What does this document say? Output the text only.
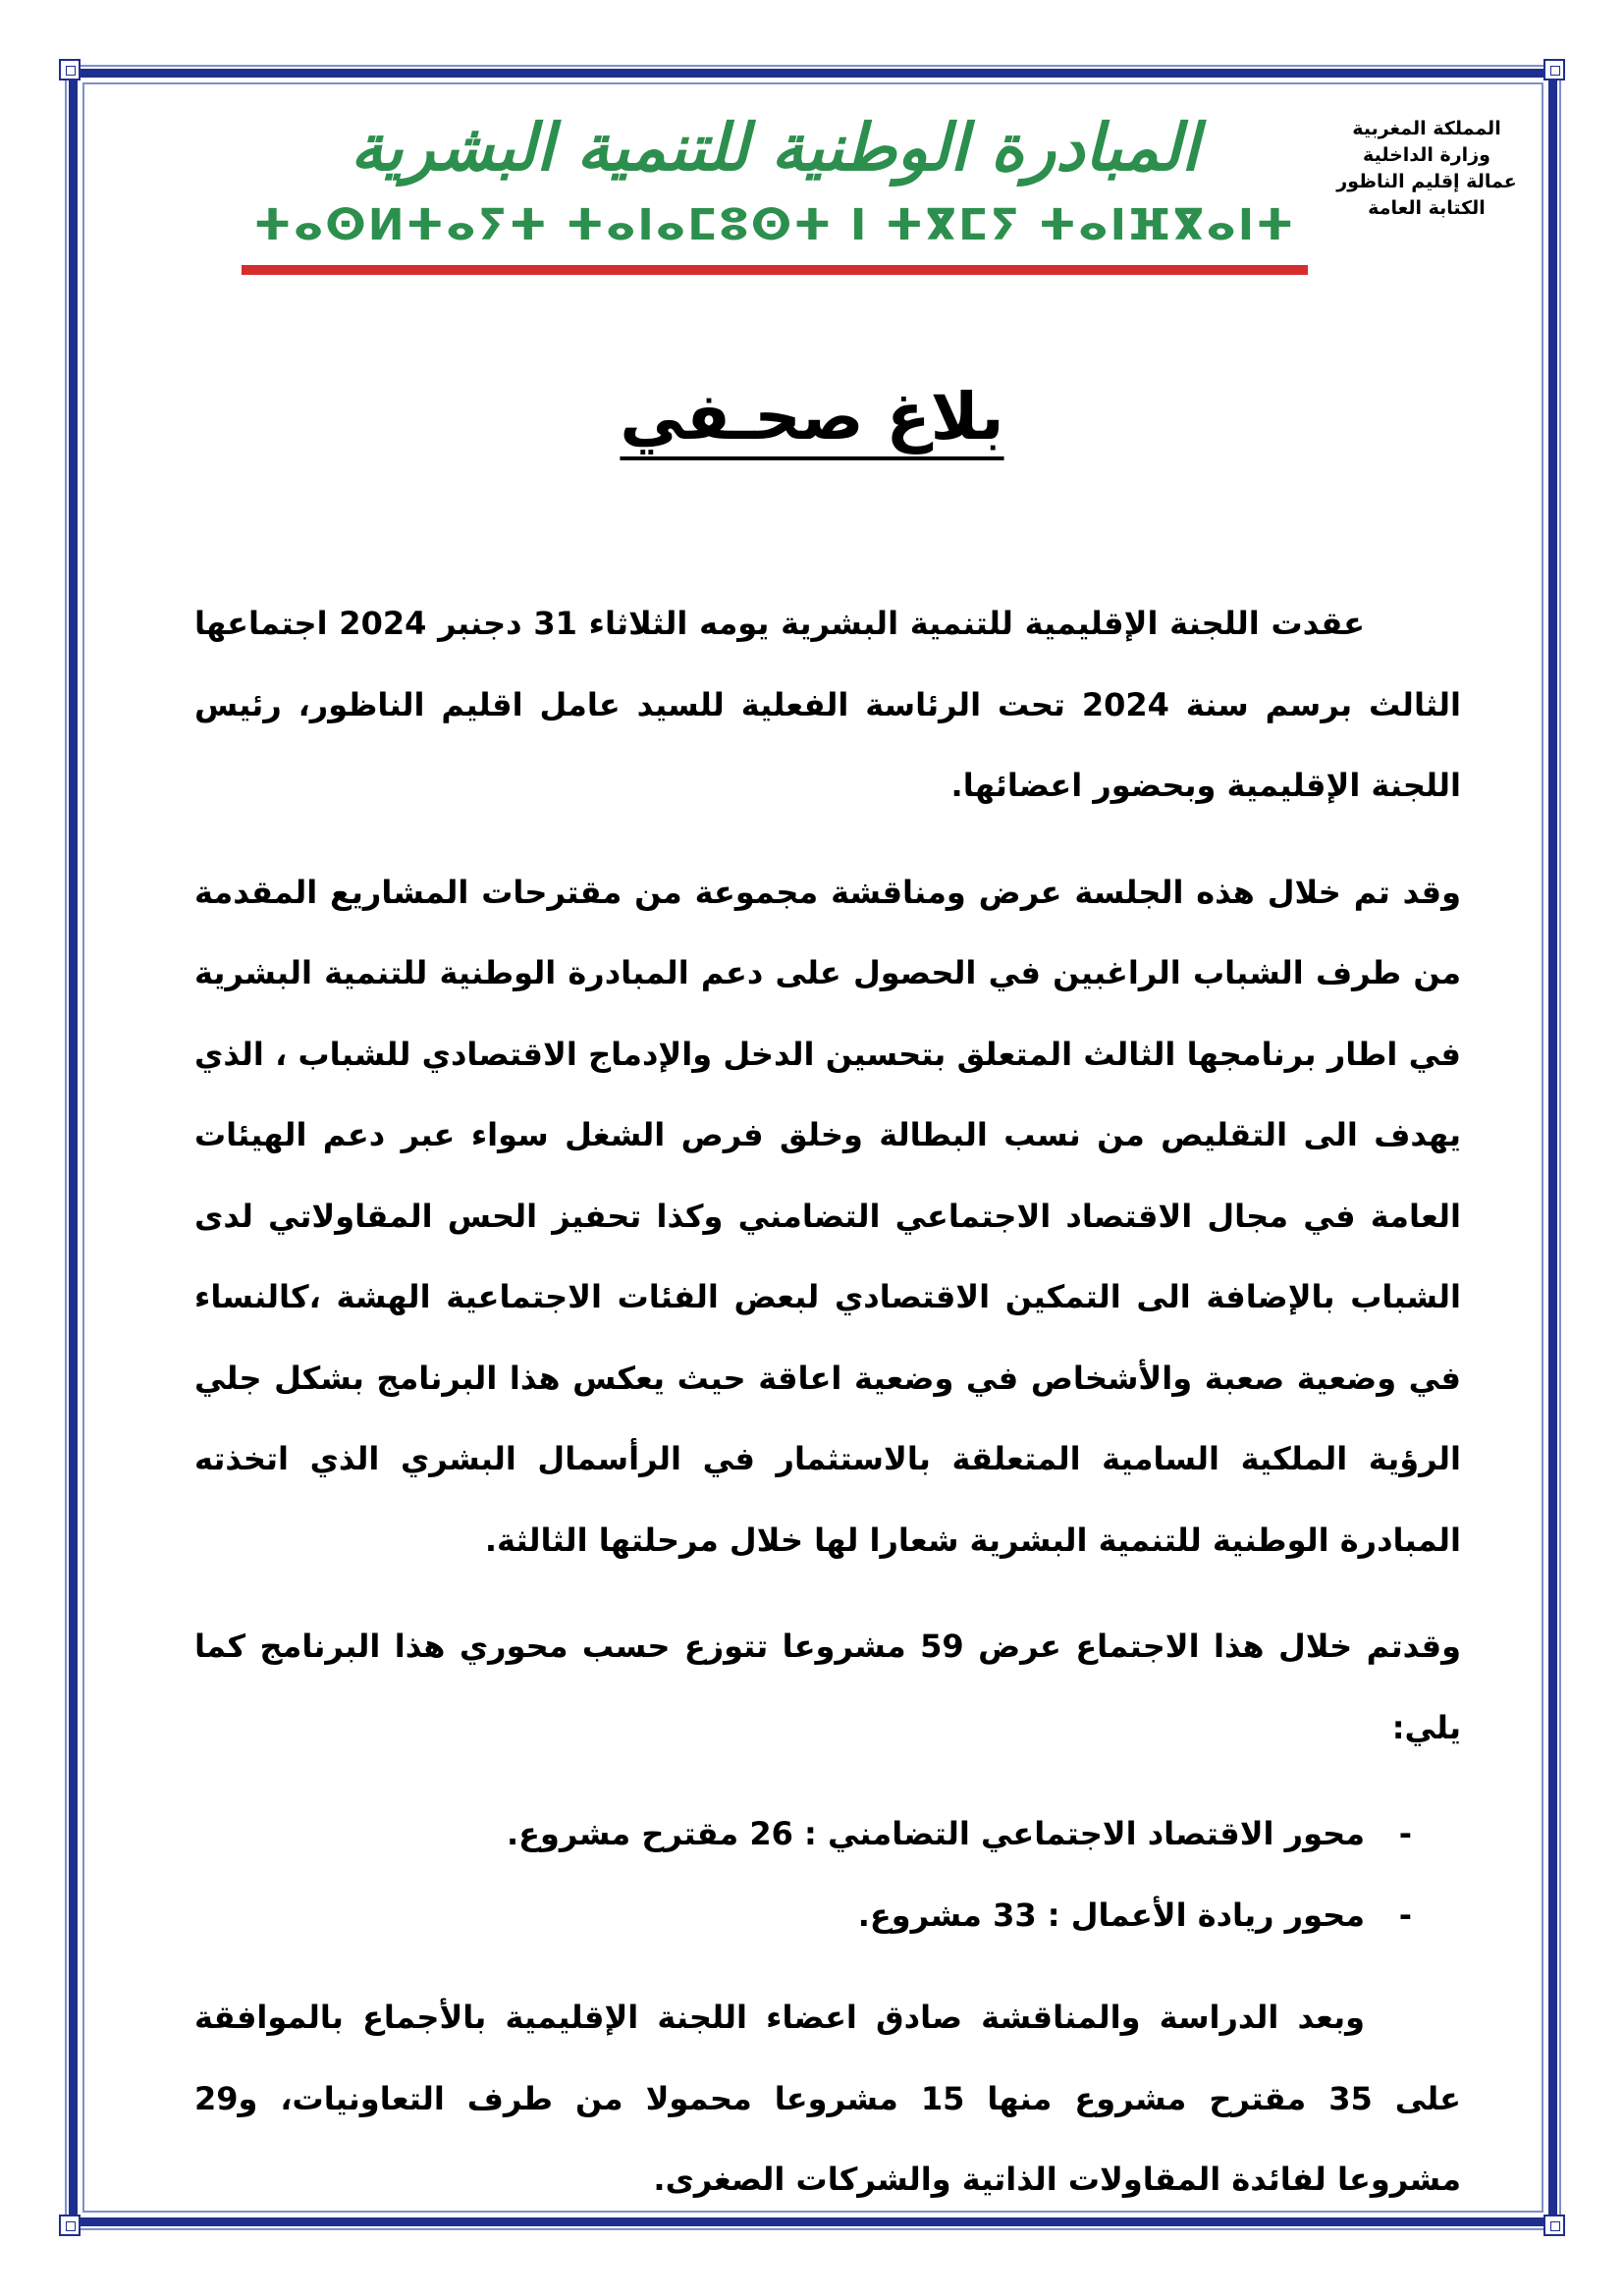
المملكة المغربية
وزارة الداخلية
عمالة إقليم الناظور
الكتابة العامة
المبادرة الوطنية للتنمية البشرية
ⵜⴰⵙⵍⵜⴰⵢⵜ ⵜⴰⵏⴰⵎⵓⵙⵜ ⵏ ⵜⴳⵎⵢ ⵜⴰⵏⴼⴳⴰⵏⵜ
بلاغ صحـفي

عقدت اللجنة الإقليمية للتنمية البشرية يومه الثلاثاء 31 دجنبر 2024 اجتماعها الثالث برسم سنة 2024 تحت الرئاسة الفعلية للسيد عامل اقليم الناظور، رئيس اللجنة الإقليمية وبحضور اعضائها.

وقد تم خلال هذه الجلسة عرض ومناقشة مجموعة من مقترحات المشاريع المقدمة من طرف الشباب الراغبين في الحصول على دعم المبادرة الوطنية للتنمية البشرية في اطار برنامجها الثالث المتعلق بتحسين الدخل والإدماج الاقتصادي للشباب ، الذي يهدف الى التقليص من نسب البطالة وخلق فرص الشغل سواء عبر دعم الهيئات العامة في مجال الاقتصاد الاجتماعي التضامني وكذا تحفيز الحس المقاولاتي لدى الشباب بالإضافة الى التمكين الاقتصادي لبعض الفئات الاجتماعية الهشة ،كالنساء في وضعية صعبة والأشخاص في وضعية اعاقة حيث يعكس هذا البرنامج بشكل جلي الرؤية الملكية السامية المتعلقة بالاستثمار في الرأسمال البشري الذي اتخذته المبادرة الوطنية للتنمية البشرية شعارا لها خلال مرحلتها الثالثة.

وقدتم خلال هذا الاجتماع عرض 59 مشروعا تتوزع حسب محوري هذا البرنامج كما يلي:

-
محور الاقتصاد الاجتماعي التضامني : 26 مقترح مشروع.
-
محور ريادة الأعمال : 33 مشروع.

وبعد الدراسة والمناقشة صادق اعضاء اللجنة الإقليمية بالأجماع بالموافقة على 35 مقترح مشروع منها 15 مشروعا محمولا من طرف التعاونيات، و29 مشروعا لفائدة المقاولات الذاتية والشركات الصغرى.
